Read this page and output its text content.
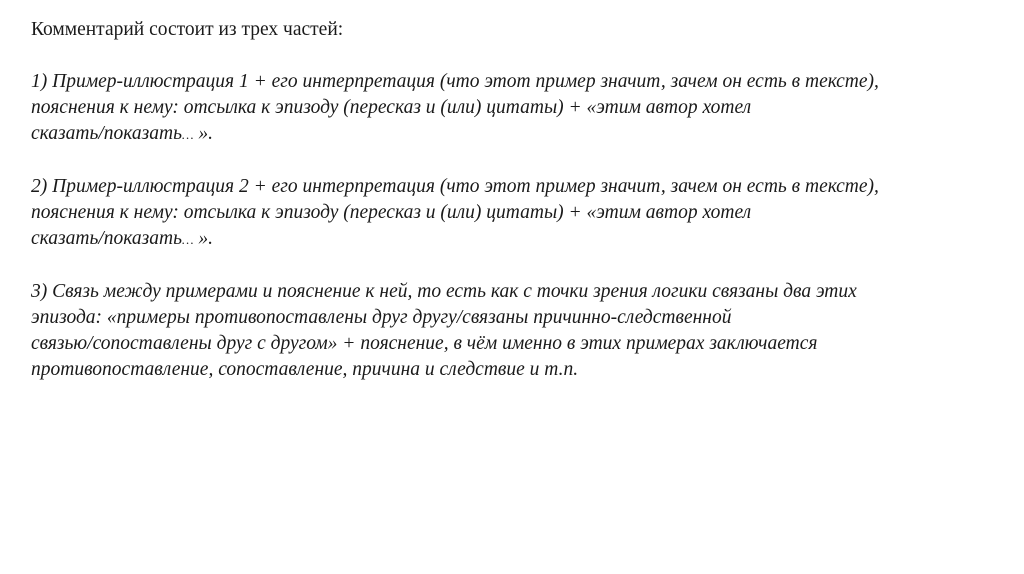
Комментарий состоит из трех частей:
1) Пример-иллюстрация 1 + его интерпретация (что этот пример значит, зачем он есть в тексте),
пояснения к нему: отсылка к эпизоду (пересказ и (или) цитаты) + «этим автор хотел
сказать/показать… ».
2) Пример-иллюстрация 2 + его интерпретация (что этот пример значит, зачем он есть в тексте),
пояснения к нему: отсылка к эпизоду (пересказ и (или) цитаты) + «этим автор хотел
сказать/показать… ».
3) Связь между примерами и пояснение к ней, то есть как с точки зрения логики связаны два этих
эпизода: «примеры противопоставлены друг другу/связаны причинно-следственной
связью/сопоставлены друг с другом» + пояснение, в чём именно в этих примерах заключается
противопоставление, сопоставление, причина и следствие и т.п.
